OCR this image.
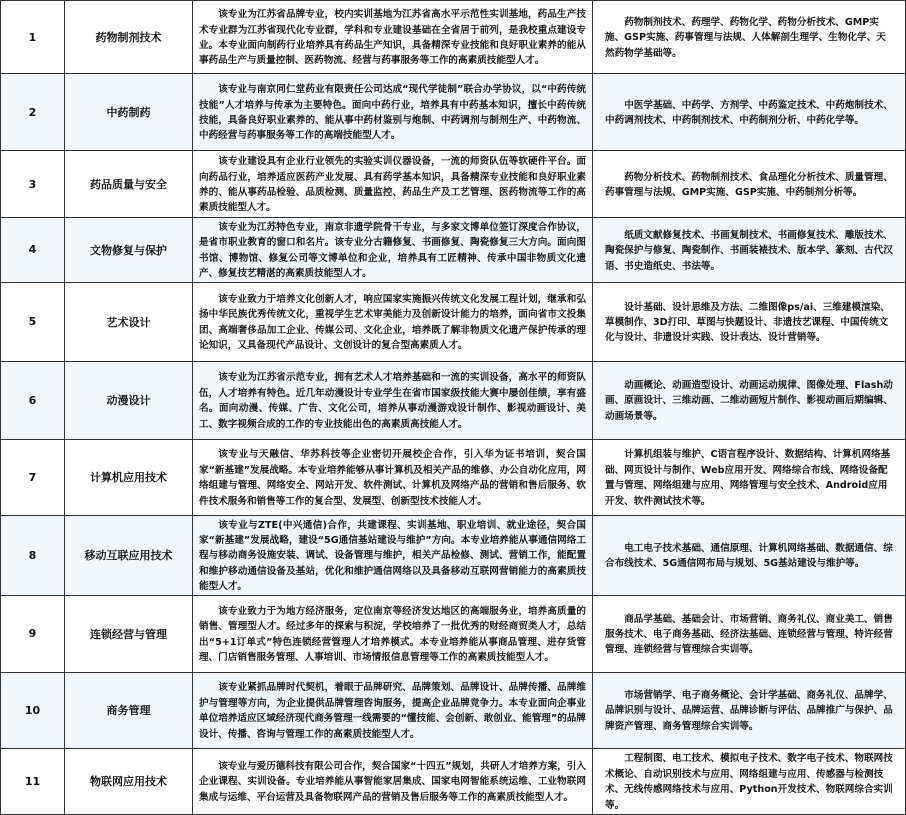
1	药物制剂技术	该专业为江苏省品牌专业，校内实训基地为江苏省高水平示范性实训基地，药品生产技术专业群为江苏省现代化专业群，学科和专业建设基础在全省居于前列，是我校重点建设专业。本专业面向制药行业培养具有药品生产知识，具备精深专业技能和良好职业素养的能从事药品生产与质量控制、医药物流、经营与药事服务等工作的高素质技能型人才。	药物制剂技术、药理学、药物化学、药物分析技术、GMP实施、GSP实施、药事管理与法规、人体解剖生理学、生物化学、天然药物学基础等。

2	中药制药	该专业与南京同仁堂药业有限责任公司达成“现代学徒制”联合办学协议，以“中药传统技能”人才培养与传承为主要特色。面向中药行业，培养具有中药基本知识，擅长中药传统技能，具备良好职业素养的、能从事中药材鉴别与炮制、中药调剂与制剂生产、中药物流、中药经营与药事服务等工作的高端技能型人才。	中医学基础、中药学、方剂学、中药鉴定技术、中药炮制技术、中药调剂技术、中药制剂技术、中药制剂分析、中药化学等。

3	药品质量与安全	该专业建设具有企业行业领先的实验实训仪器设备，一流的师资队伍等软硬件平台。面向药品行业，培养适应医药产业发展、具有药学基本知识，具备精深专业技能和良好职业素养的、能从事药品检验、品质检测、质量监控、药品生产及工艺管理、医药物流等工作的高素质技能型人才。	药物分析技术、药物制剂技术、食品理化分析技术、质量管理、药事管理与法规、GMP实施、GSP实施、中药制剂分析等。

4	文物修复与保护	该专业为江苏特色专业，南京非遗学院骨干专业，与多家文博单位签订深度合作协议，是省市职业教育的窗口和名片。该专业分古籍修复、书画修复、陶瓷修复三大方向。面向图书馆、博物馆、修复公司等文博单位和企业，培养具有工匠精神、传承中国非物质文化遗产、修复技艺精湛的高素质技能型人才。	纸质文献修复技术、书画复制技术、书画修复技术、雕版技术、陶瓷保护与修复、陶瓷制作、书画装裱技术、版本学、篆刻、古代汉语、书史造纸史、书法等。

5	艺术设计	该专业致力于培养文化创新人才，响应国家实施振兴传统文化发展工程计划，继承和弘扬中华民族优秀传统文化，重视学生艺术审美能力及创新设计能力的培养，面向省市文投集团、高端奢侈品加工企业、传媒公司、文化企业，培养既了解非物质文化遗产保护传承的理论知识，又具备现代产品设计、文创设计的复合型高素质人才。	设计基础、设计思维及方法、二维图像ps/ai、三维建模渲染、草模制作、3D打印、草图与快题设计、非遗技艺课程、中国传统文化与设计、非遗设计实践、设计表达、设计营销等。

6	动漫设计	该专业为江苏省示范专业，拥有艺术人才培养基础和一流的实训设备，高水平的师资队伍，人才培养有特色。近几年动漫设计专业学生在省市国家级技能大赛中屡创佳绩，享有盛名。面向动漫、传媒、广告、文化公司，培养从事动漫游戏设计制作、影视动画设计、美工、数字视频合成的工作的专业技能出色的高素质高技能人才。	动画概论、动画造型设计、动画运动规律、图像处理、Flash动画、原画设计、三维动画、二维动画短片制作、影视动画后期编辑、动画场景等。

7	计算机应用技术	该专业与天融信、华苏科技等企业密切开展校企合作，引入华为证书培训，契合国家“新基建”发展战略。本专业培养能够从事计算机及相关产品的维修、办公自动化应用，网络组建与管理、网络安全、网站开发、软件测试、计算机及网络产品的营销和售后服务、软件技术服务和销售等工作的复合型、发展型、创新型技术技能人才。	计算机组装与维护、C语言程序设计、数据结构、计算机网络基础、网页设计与制作、Web应用开发、网络综合布线、网络设备配置与管理、网络组建与应用、网络管理与安全技术、Android应用开发、软件测试技术等。

8	移动互联应用技术	该专业与ZTE(中兴通信)合作，共建课程、实训基地、职业培训、就业途径，契合国家“新基建”发展战略，建设“5G通信基站建设与维护”方向。本专业培养能从事通信网络工程与移动商务设施安装、调试、设备管理与维护，相关产品检修、测试、营销工作，能配置和维护移动通信设备及基站，优化和维护通信网络以及具备移动互联网营销能力的高素质技能型人才。	电工电子技术基础、通信原理、计算机网络基础、数据通信、综合布线技术、5G通信网布局与规划、5G基站建设与维护等。

9	连锁经营与管理	该专业致力于为地方经济服务，定位南京等经济发达地区的高端服务业，培养高质量的销售、管理型人才。经过多年的探索与积淀，学校培养了一批优秀的财经商贸类人才，总结出“5+1订单式”特色连锁经营管理人才培养模式。本专业培养能从事商品管理、进存货管理、门店销售服务管理、人事培训、市场情报信息管理等工作的高素质技能型人才。	商品学基础、基础会计、市场营销、商务礼仪、商业美工、销售服务技术、电子商务基础、经济法基础、连锁经营与管理、特许经营管理、连锁经营与管理综合实训等。

10	商务管理	该专业紧抓品牌时代契机，着眼于品牌研究、品牌策划、品牌设计、品牌传播、品牌维护与管理等方向，为企业提供品牌管理咨询服务，提高企业品牌竞争力。本专业面向企事业单位培养适应区域经济现代商务管理一线需要的“懂技能、会创新、敢创业、能管理”的品牌设计、传播、咨询与管理工作的高素质技能型人才。	市场营销学、电子商务概论、会计学基础、商务礼仪、品牌学、品牌识别与设计、品牌运营、品牌诊断与评估、品牌推广与保护、品牌资产管理、商务管理综合实训等。

11	物联网应用技术	该专业与爱历德科技有限公司合作，契合国家“十四五”规划，共研人才培养方案，引入企业课程、实训设备。专业培养能从事智能家居集成、国家电网智能系统运维、工业物联网集成与运维、平台运营及具备物联网产品的营销及售后服务等工作的高素质技能型人才。	工程制图、电工技术、模拟电子技术、数字电子技术、物联网技术概论、自动识别技术与应用、网络组建与应用、传感器与检测技术、无线传感网络技术与应用、Python开发技术、物联网综合实训等。
